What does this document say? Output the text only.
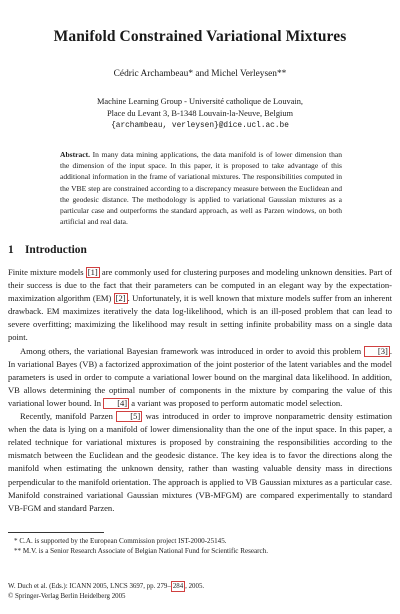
Manifold Constrained Variational Mixtures
Cédric Archambeau* and Michel Verleysen**
Machine Learning Group - Université catholique de Louvain,
Place du Levant 3, B-1348 Louvain-la-Neuve, Belgium
{archambeau, verleysen}@dice.ucl.ac.be
Abstract. In many data mining applications, the data manifold is of lower dimension than the dimension of the input space. In this paper, it is proposed to take advantage of this additional information in the frame of variational mixtures. The responsibilities computed in the VBE step are constrained according to a discrepancy measure between the Euclidean and the geodesic distance. The methodology is applied to variational Gaussian mixtures as a particular case and outperforms the standard approach, as well as Parzen windows, on both artificial and real data.
1 Introduction

Finite mixture models [1] are commonly used for clustering purposes and modeling unknown densities. Part of their success is due to the fact that their parameters can be computed in an elegant way by the expectation-maximization algorithm (EM) [2] . Unfortunately, it is well known that mixture models suffer from an inherent drawback. EM maximizes iteratively the data log-likelihood, which is an ill-posed problem that can lead to severe overfitting; maximizing the likelihood may result in setting infinite probability mass on a single data point.

Among others, the variational Bayesian framework was introduced in order to avoid this problem [3] . In variational Bayes (VB) a factorized approximation of the joint posterior of the latent variables and the model parameters is used in order to compute a variational lower bound on the marginal data likelihood. In addition, VB allows determining the optimal number of components in the mixture by comparing the value of this variational lower bound. In [4] a variant was proposed to perform automatic model selection.

Recently, manifold Parzen [5] was introduced in order to improve nonparametric density estimation when the data is lying on a manifold of lower dimensionality than the one of the input space. In this paper, a related technique for variational mixtures is proposed by constraining the responsibilities according to the mismatch between the Euclidean and the geodesic distance. The key idea is to favor the directions along the manifold when estimating the unknown density, rather than wasting valuable density mass in directions perpendicular to the manifold orientation. The approach is applied to VB Gaussian mixtures as a particular case. Manifold constrained variational Gaussian mixtures (VB-MFGM) are compared experimentally to standard VB-FGM and standard Parzen.

* C.A. is supported by the European Commission project IST-2000-25145.
** M.V. is a Senior Research Associate of Belgian National Fund for Scientific Research.
W. Duch et al. (Eds.): ICANN 2005, LNCS 3697, pp. 279– 284 , 2005.
© Springer-Verlag Berlin Heidelberg 2005
